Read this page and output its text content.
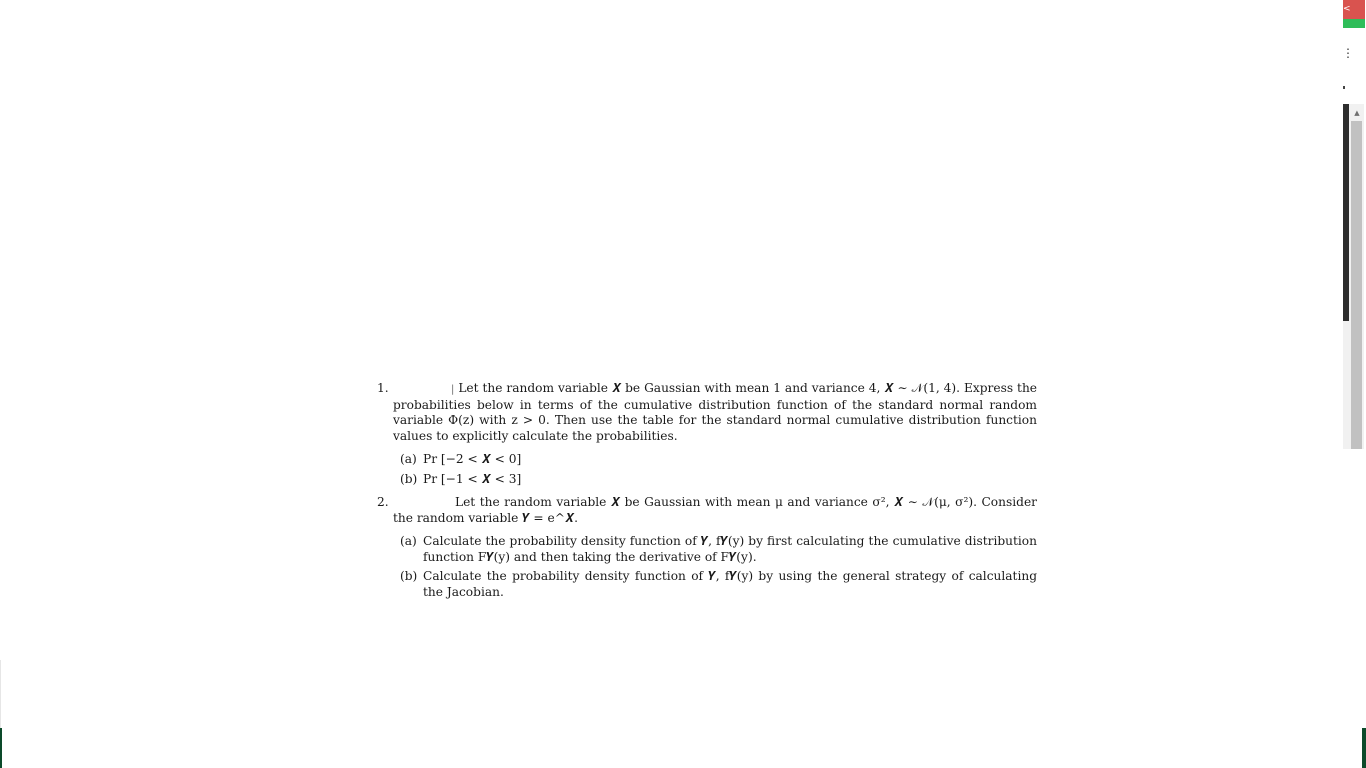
1.	| Let the random variable 𝑿 be Gaussian with mean 1 and variance 4, 𝑿 ∼ 𝒩(1, 4). Express the probabilities below in terms of the cumulative distribution function of the standard normal random variable Φ(z) with z > 0. Then use the table for the standard normal cumulative distribution function values to explicitly calculate the probabilities.
(a) Pr [−2 < 𝑿 < 0]
(b) Pr [−1 < 𝑿 < 3]
2.	Let the random variable 𝑿 be Gaussian with mean μ and variance σ², 𝑿 ∼ 𝒩(μ, σ²). Consider the random variable 𝒀 = e^𝑿.
(a) Calculate the probability density function of 𝒀, f𝒀(y) by first calculating the cumulative distribution function F𝒀(y) and then taking the derivative of F𝒀(y).
(b) Calculate the probability density function of 𝒀, f𝒀(y) by using the general strategy of calculating the Jacobian.
<
⋮
▲
